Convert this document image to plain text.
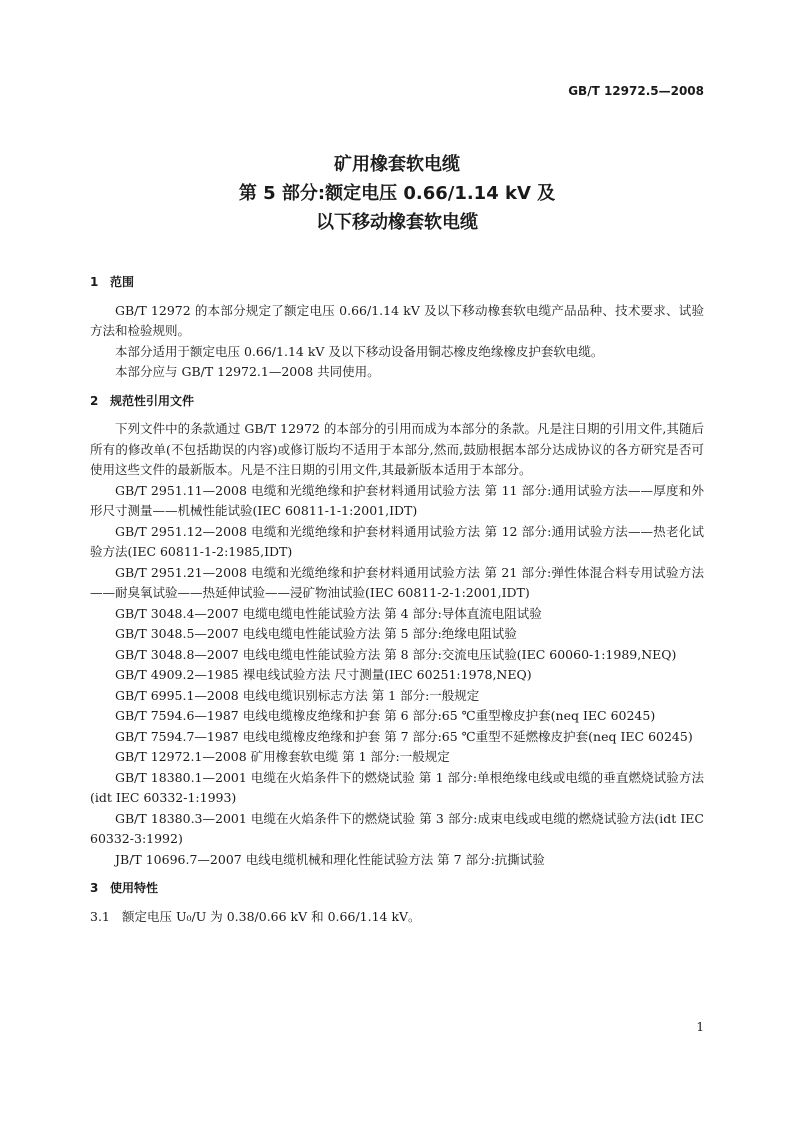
GB/T 12972.5—2008
矿用橡套软电缆
第 5 部分:额定电压 0.66/1.14 kV 及
以下移动橡套软电缆
1 范围

GB/T 12972 的本部分规定了额定电压 0.66/1.14 kV 及以下移动橡套软电缆产品品种、技术要求、试验方法和检验规则。

本部分适用于额定电压 0.66/1.14 kV 及以下移动设备用铜芯橡皮绝缘橡皮护套软电缆。

本部分应与 GB/T 12972.1—2008 共同使用。

2 规范性引用文件

下列文件中的条款通过 GB/T 12972 的本部分的引用而成为本部分的条款。凡是注日期的引用文件,其随后所有的修改单(不包括勘误的内容)或修订版均不适用于本部分,然而,鼓励根据本部分达成协议的各方研究是否可使用这些文件的最新版本。凡是不注日期的引用文件,其最新版本适用于本部分。

GB/T 2951.11—2008 电缆和光缆绝缘和护套材料通用试验方法 第 11 部分:通用试验方法——厚度和外形尺寸测量——机械性能试验(IEC 60811-1-1:2001,IDT)

GB/T 2951.12—2008 电缆和光缆绝缘和护套材料通用试验方法 第 12 部分:通用试验方法——热老化试验方法(IEC 60811-1-2:1985,IDT)

GB/T 2951.21—2008 电缆和光缆绝缘和护套材料通用试验方法 第 21 部分:弹性体混合料专用试验方法——耐臭氧试验——热延伸试验——浸矿物油试验(IEC 60811-2-1:2001,IDT)

GB/T 3048.4—2007 电缆电缆电性能试验方法 第 4 部分:导体直流电阻试验

GB/T 3048.5—2007 电线电缆电性能试验方法 第 5 部分:绝缘电阻试验

GB/T 3048.8—2007 电线电缆电性能试验方法 第 8 部分:交流电压试验(IEC 60060-1:1989,NEQ)

GB/T 4909.2—1985 裸电线试验方法 尺寸测量(IEC 60251:1978,NEQ)

GB/T 6995.1—2008 电线电缆识别标志方法 第 1 部分:一般规定

GB/T 7594.6—1987 电线电缆橡皮绝缘和护套 第 6 部分:65 ℃重型橡皮护套(neq IEC 60245)

GB/T 7594.7—1987 电线电缆橡皮绝缘和护套 第 7 部分:65 ℃重型不延燃橡皮护套(neq IEC 60245)

GB/T 12972.1—2008 矿用橡套软电缆 第 1 部分:一般规定

GB/T 18380.1—2001 电缆在火焰条件下的燃烧试验 第 1 部分:单根绝缘电线或电缆的垂直燃烧试验方法(idt IEC 60332-1:1993)

GB/T 18380.3—2001 电缆在火焰条件下的燃烧试验 第 3 部分:成束电线或电缆的燃烧试验方法(idt IEC 60332-3:1992)

JB/T 10696.7—2007 电线电缆机械和理化性能试验方法 第 7 部分:抗撕试验

3 使用特性

3.1 额定电压 U₀/U 为 0.38/0.66 kV 和 0.66/1.14 kV。

1
